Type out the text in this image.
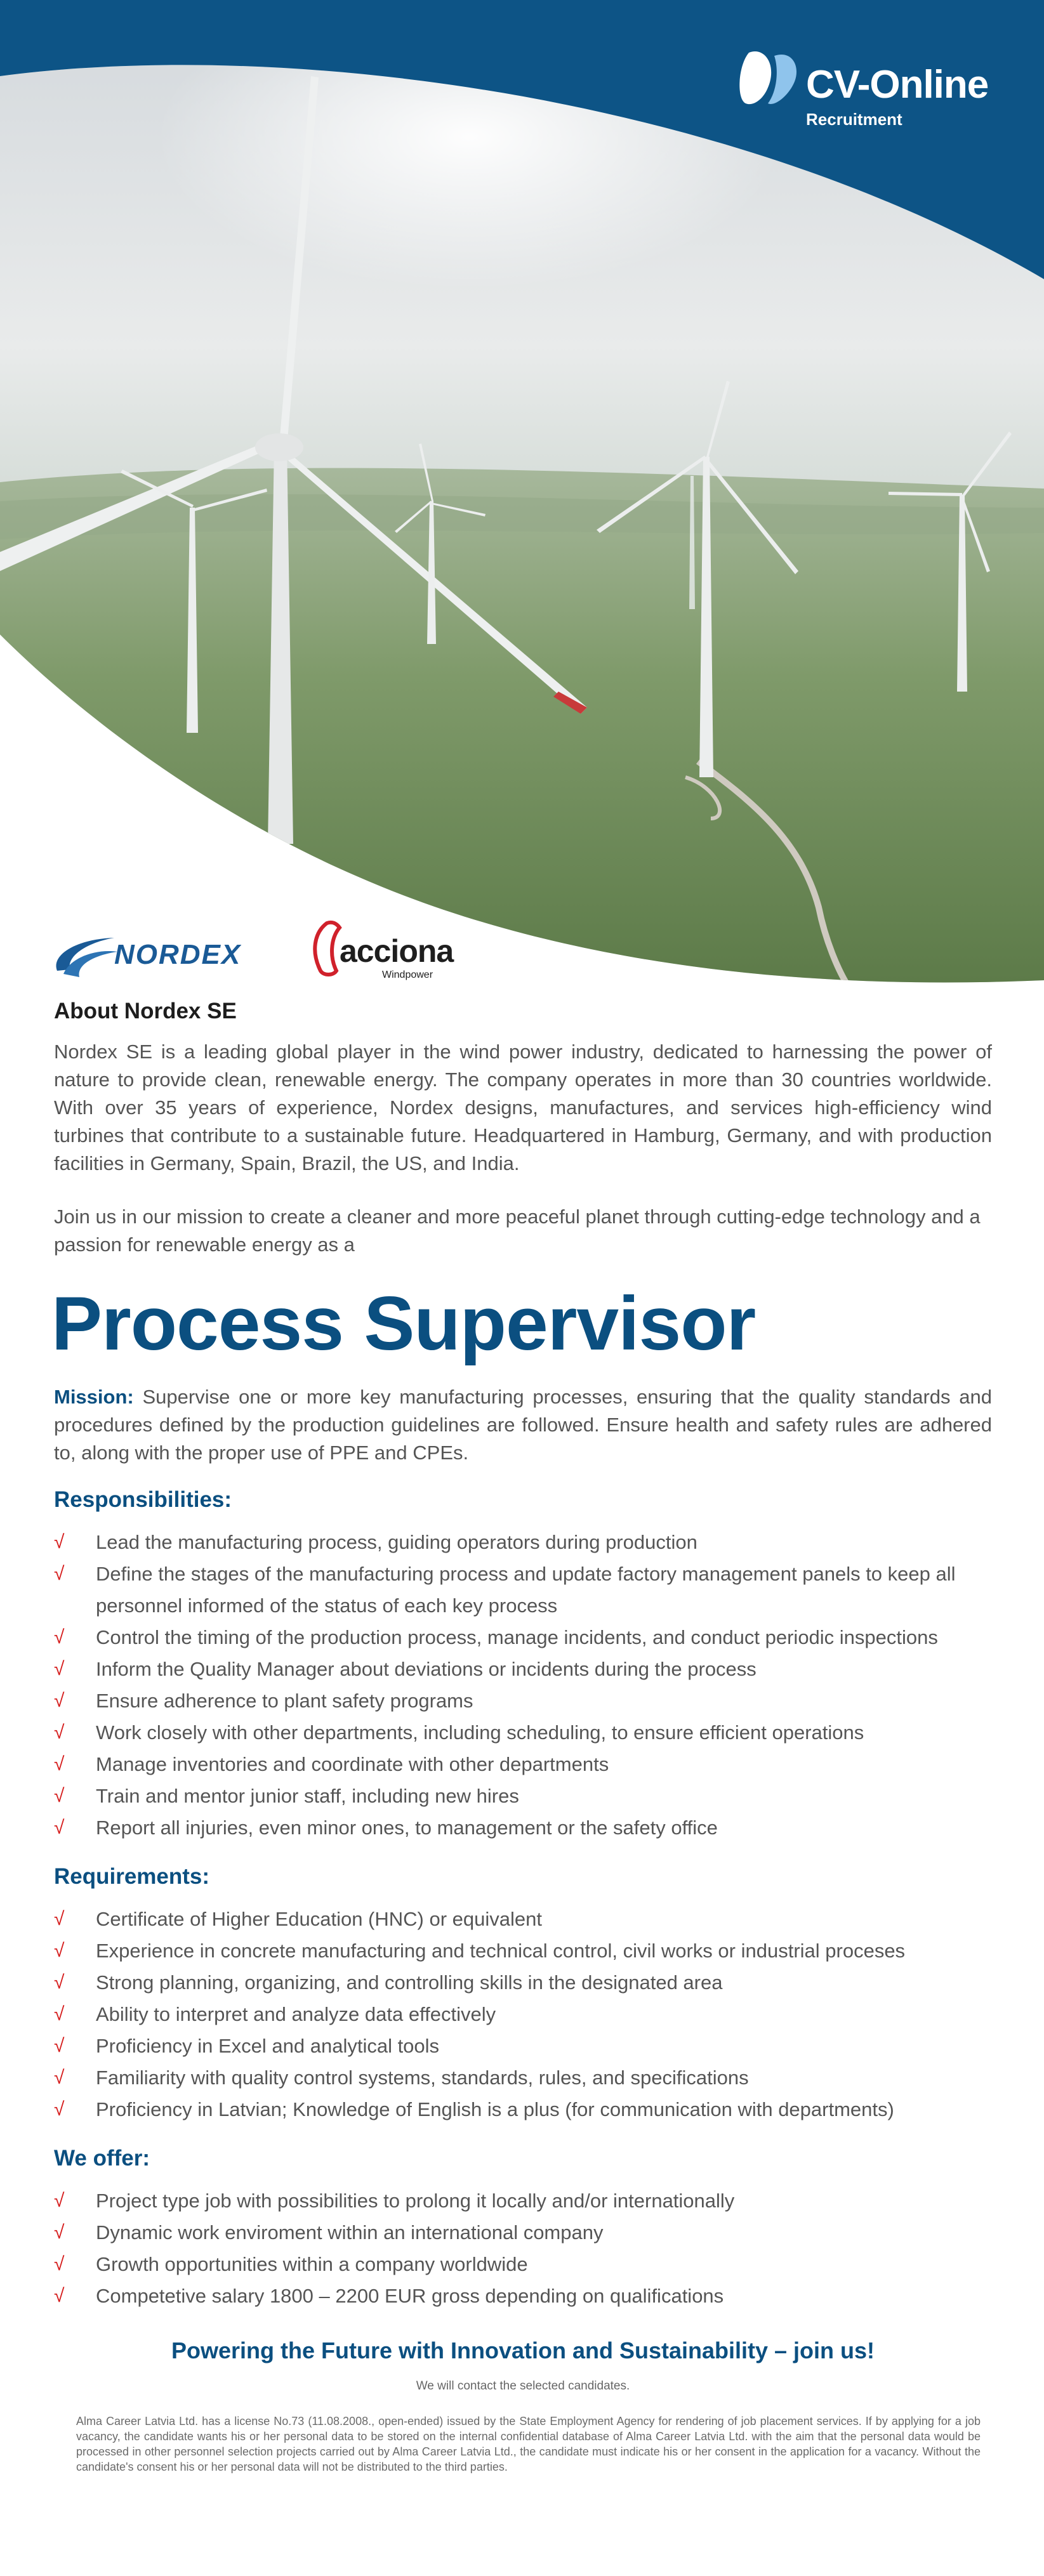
CV-Online
Recruitment
NORDEX	acciona
Windpower
About Nordex SE

Nordex SE is a leading global player in the wind power industry, dedicated to harnessing the power of nature to provide clean, renewable energy. The company operates in more than 30 countries worldwide. With over 35 years of experience, Nordex designs, manufactures, and services high-efficiency wind turbines that contribute to a sustainable future. Headquartered in Hamburg, Germany, and with production facilities in Germany, Spain, Brazil, the US, and India.

Join us in our mission to create a cleaner and more peaceful planet through cutting-edge technology and a passion for renewable energy as a

Process Supervisor

Mission: Supervise one or more key manufacturing processes, ensuring that the quality standards and procedures defined by the production guidelines are followed. Ensure health and safety rules are adhered to, along with the proper use of PPE and CPEs.

Responsibilities:
√	Lead the manufacturing process, guiding operators during production
√	Define the stages of the manufacturing process and update factory management panels to keep all personnel informed of the status of each key process
√	Control the timing of the production process, manage incidents, and conduct periodic inspections
√	Inform the Quality Manager about deviations or incidents during the process
√	Ensure adherence to plant safety programs
√	Work closely with other departments, including scheduling, to ensure efficient operations
√	Manage inventories and coordinate with other departments
√	Train and mentor junior staff, including new hires
√	Report all injuries, even minor ones, to management or the safety office
Requirements:
√	Certificate of Higher Education (HNC) or equivalent
√	Experience in concrete manufacturing and technical control, civil works or industrial proceses
√	Strong planning, organizing, and controlling skills in the designated area
√	Ability to interpret and analyze data effectively
√	Proficiency in Excel and analytical tools
√	Familiarity with quality control systems, standards, rules, and specifications
√	Proficiency in Latvian; Knowledge of English is a plus (for communication with departments)
We offer:
√	Project type job with possibilities to prolong it locally and/or internationally
√	Dynamic work enviroment within an international company
√	Growth opportunities within a company worldwide
√	Competetive salary 1800 – 2200 EUR gross depending on qualifications
Powering the Future with Innovation and Sustainability – join us!
We will contact the selected candidates.
Alma Career Latvia Ltd. has a license No.73 (11.08.2008., open-ended) issued by the State Employment Agency for rendering of job placement services. If by applying for a job vacancy, the candidate wants his or her personal data to be stored on the internal confidential database of Alma Career Latvia Ltd. with the aim that the personal data would be processed in other personnel selection projects carried out by Alma Career Latvia Ltd., the candidate must indicate his or her consent in the application for a vacancy. Without the candidate's consent his or her personal data will not be distributed to the third parties.
